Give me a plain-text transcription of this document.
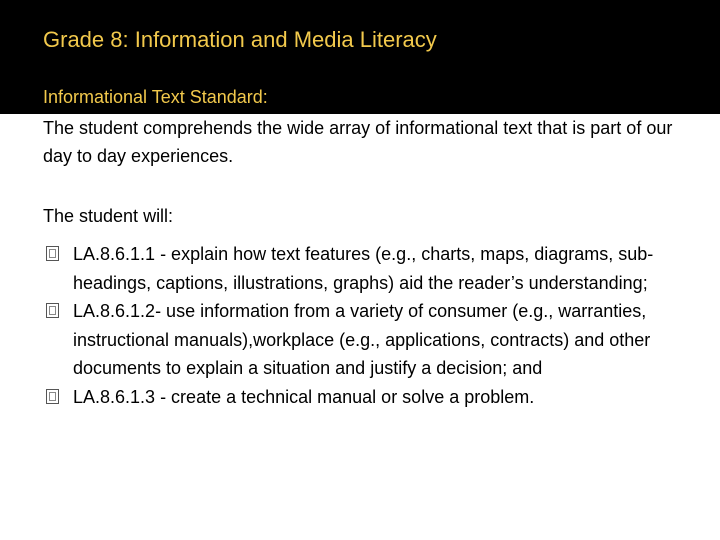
Grade 8: Information and Media Literacy
Informational Text Standard:

The student comprehends the wide array of informational text that is part of our day to day experiences.

The student will:

LA.8.6.1.1 - explain how text features (e.g., charts, maps, diagrams, sub-headings, captions, illustrations, graphs) aid the reader’s understanding;
LA.8.6.1.2- use information from a variety of consumer (e.g., warranties, instructional manuals),workplace (e.g., applications, contracts) and other documents to explain a situation and justify a decision; and
LA.8.6.1.3 - create a technical manual or solve a problem.
